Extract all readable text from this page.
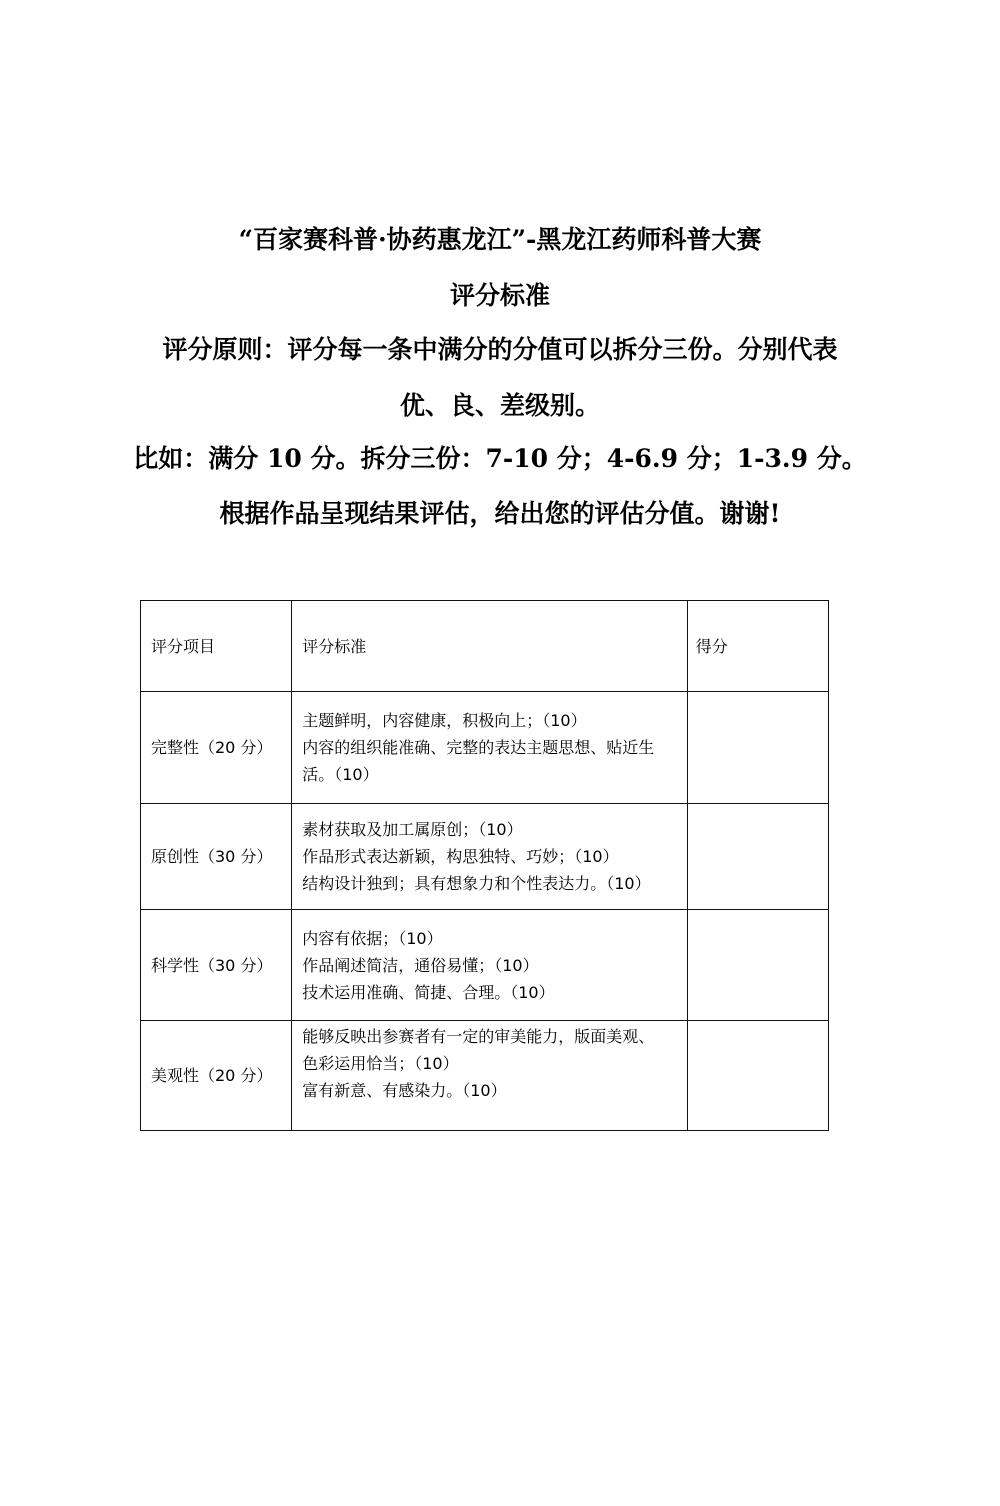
“百家赛科普·协药惠龙江”-黑龙江药师科普大赛
评分标准
评分原则：评分每一条中满分的分值可以拆分三份。分别代表
优、良、差级别。
比如：满分 10 分。拆分三份：7-10 分；4-6.9 分；1-3.9 分。
根据作品呈现结果评估，给出您的评估分值。谢谢!
评分项目	评分标准	得分
完整性（20 分）	主题鲜明，内容健康，积极向上；（10）
内容的组织能准确、完整的表达主题思想、贴近生
活。（10）	

原创性（30 分）	素材获取及加工属原创；（10）
作品形式表达新颖，构思独特、巧妙；（10）
结构设计独到；具有想象力和个性表达力。（10）	

科学性（30 分）	内容有依据；（10）
作品阐述简洁，通俗易懂；（10）
技术运用准确、简捷、合理。（10）	

美观性（20 分）	能够反映出参赛者有一定的审美能力，版面美观、
色彩运用恰当；（10）
富有新意、有感染力。（10）	
